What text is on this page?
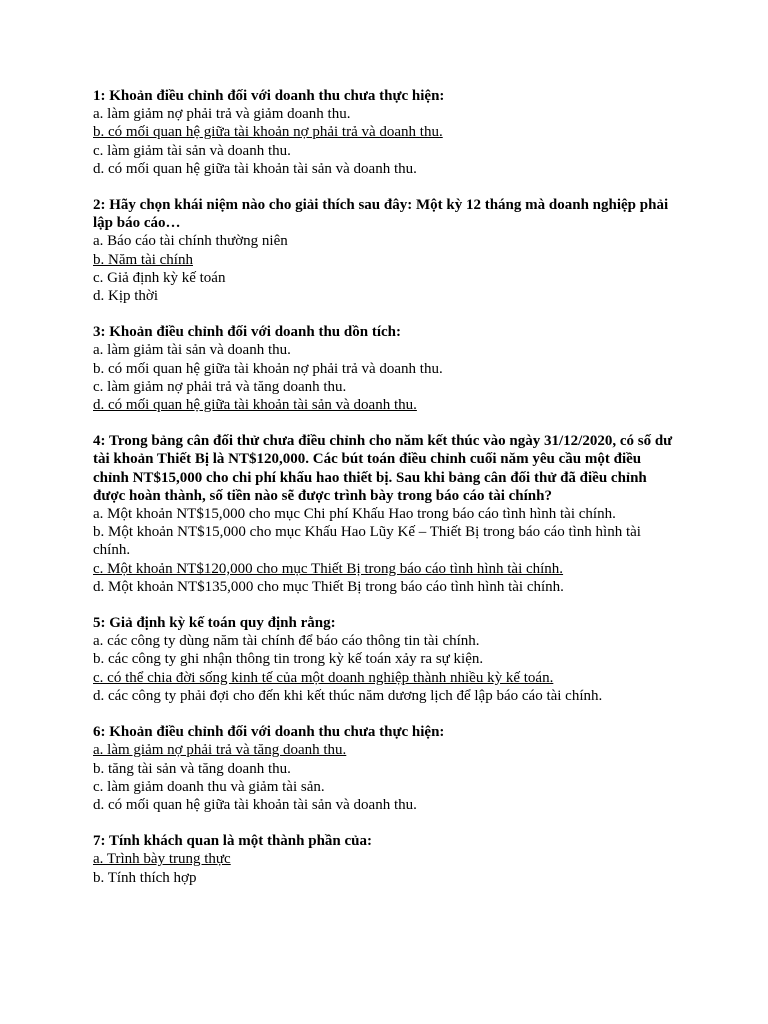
1: Khoản điều chỉnh đối với doanh thu chưa thực hiện:

a. làm giảm nợ phải trả và giảm doanh thu.

b. có mối quan hệ giữa tài khoản nợ phải trả và doanh thu.

c. làm giảm tài sản và doanh thu.

d. có mối quan hệ giữa tài khoản tài sản và doanh thu.

2: Hãy chọn khái niệm nào cho giải thích sau đây: Một kỳ 12 tháng mà doanh nghiệp phải lập báo cáo…

a. Báo cáo tài chính thường niên

b. Năm tài chính

c. Giả định kỳ kế toán

d. Kịp thời

3: Khoản điều chỉnh đối với doanh thu dồn tích:

a. làm giảm tài sản và doanh thu.

b. có mối quan hệ giữa tài khoản nợ phải trả và doanh thu.

c. làm giảm nợ phải trả và tăng doanh thu.

d. có mối quan hệ giữa tài khoản tài sản và doanh thu.

4: Trong bảng cân đối thử chưa điều chỉnh cho năm kết thúc vào ngày 31/12/2020, có số dư tài khoản Thiết Bị là NT$120,000. Các bút toán điều chỉnh cuối năm yêu cầu một điều chỉnh NT$15,000 cho chi phí khấu hao thiết bị. Sau khi bảng cân đối thử đã điều chỉnh được hoàn thành, số tiền nào sẽ được trình bày trong báo cáo tài chính?

a. Một khoản NT$15,000 cho mục Chi phí Khấu Hao trong báo cáo tình hình tài chính.

b. Một khoản NT$15,000 cho mục Khấu Hao Lũy Kế – Thiết Bị trong báo cáo tình hình tài chính.

c. Một khoản NT$120,000 cho mục Thiết Bị trong báo cáo tình hình tài chính.

d. Một khoản NT$135,000 cho mục Thiết Bị trong báo cáo tình hình tài chính.

5: Giả định kỳ kế toán quy định rằng:

a. các công ty dùng năm tài chính để báo cáo thông tin tài chính.

b. các công ty ghi nhận thông tin trong kỳ kế toán xảy ra sự kiện.

c. có thể chia đời sống kinh tế của một doanh nghiệp thành nhiều kỳ kế toán.

d. các công ty phải đợi cho đến khi kết thúc năm dương lịch để lập báo cáo tài chính.

6: Khoản điều chỉnh đối với doanh thu chưa thực hiện:

a. làm giảm nợ phải trả và tăng doanh thu.

b. tăng tài sản và tăng doanh thu.

c. làm giảm doanh thu và giảm tài sản.

d. có mối quan hệ giữa tài khoản tài sản và doanh thu.

7: Tính khách quan là một thành phần của:

a. Trình bày trung thực

b. Tính thích hợp
